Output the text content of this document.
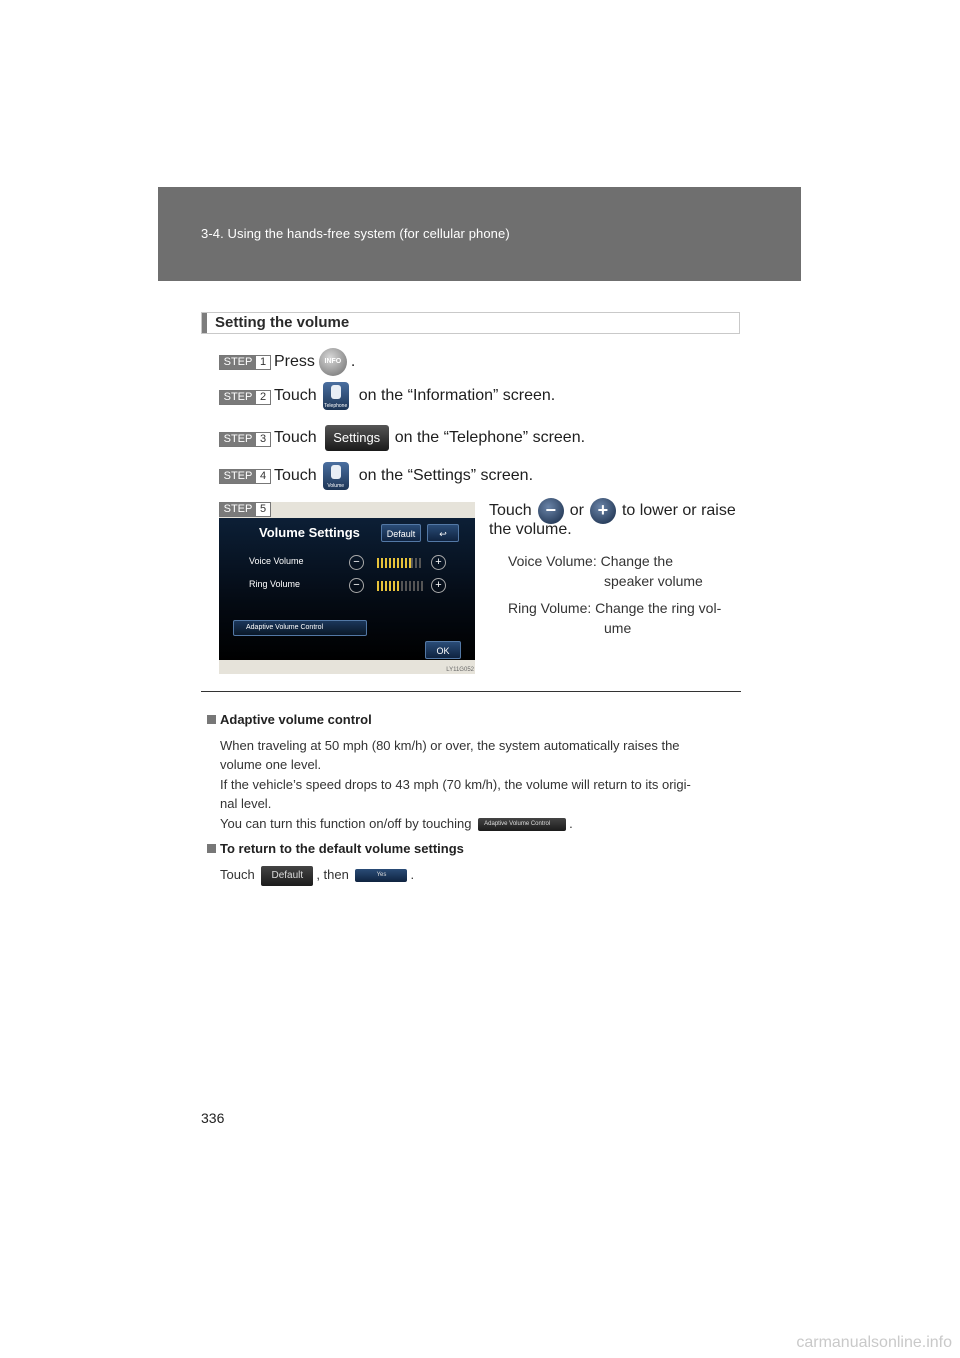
3-4. Using the hands-free system (for cellular phone)
Setting the volume
STEP 1 Press	INFO .
STEP 2 Touch
Telephone
on the “Information” screen.
STEP 3 Touch	Settings on the “Telephone” screen.
STEP 4 Touch
Volume
on the “Settings” screen.
STEP 5
Volume Settings	Default	↩
Voice Volume	−	+
Ring Volume	−	+
Adaptive Volume Control
OK
LY11G052
Touch − or + to lower or raise
the volume.
Voice Volume: Change the
speaker volume
Ring Volume: Change the ring vol-
ume
Adaptive volume control
When traveling at 50 mph (80 km/h) or over, the system automatically raises the
volume one level.
If the vehicle’s speed drops to 43 mph (70 km/h), the volume will return to its origi-
nal level.
You can turn this function on/off by touching Adaptive Volume Control .
To return to the default volume settings
Touch Default , then	Yes .
336
carmanualsonline.info
